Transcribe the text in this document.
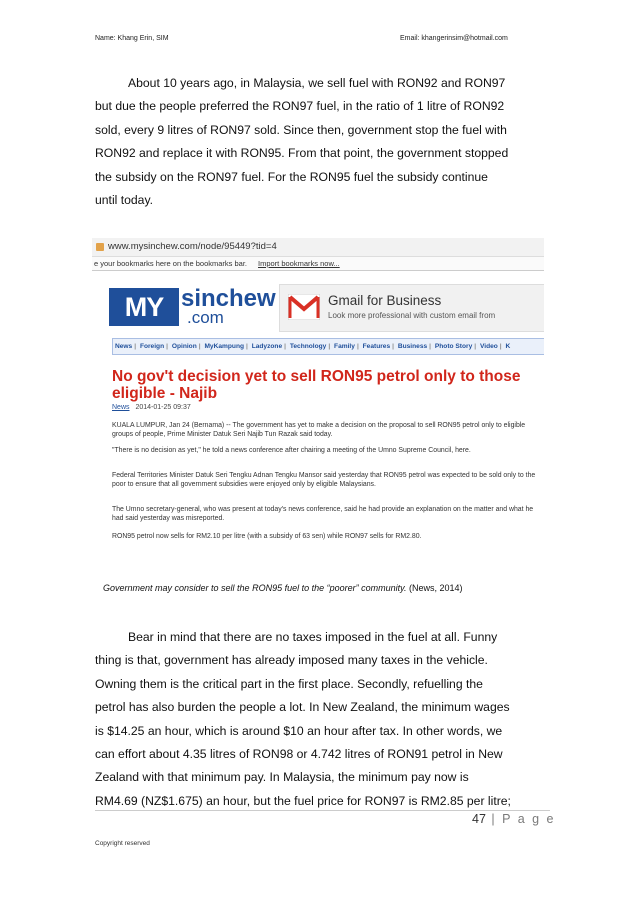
Name: Khang Erin, SIM	Email: khangerinsim@hotmail.com

About 10 years ago, in Malaysia, we sell fuel with RON92 and RON97

but due the people preferred the RON97 fuel, in the ratio of 1 litre of RON92

sold, every 9 litres of RON97 sold. Since then, government stop the fuel with

RON92 and replace it with RON95. From that point, the government stopped

the subsidy on the RON97 fuel. For the RON95 fuel the subsidy continue

until today.

www.mysinchew.com/node/95449?tid=4
e your bookmarks here on the bookmarks bar. Import bookmarks now...
MY sinchew
.com
Gmail for Business
Look more professional with custom email from
News | Foreign | Opinion | MyKampung | Ladyzone | Technology | Family | Features | Business | Photo Story | Video | K
No gov't decision yet to sell RON95 petrol only to those
eligible - Najib
News 2014-01-25 09:37
KUALA LUMPUR, Jan 24 (Bernama) -- The government has yet to make a decision on the proposal to sell RON95 petrol only to eligible groups of people, Prime Minister Datuk Seri Najib Tun Razak said today.
"There is no decision as yet," he told a news conference after chairing a meeting of the Umno Supreme Council, here.
Federal Territories Minister Datuk Seri Tengku Adnan Tengku Mansor said yesterday that RON95 petrol was expected to be sold only to the poor to ensure that all government subsidies were enjoyed only by eligible Malaysians.
The Umno secretary-general, who was present at today's news conference, said he had provide an explanation on the matter and what he had said yesterday was misreported.
RON95 petrol now sells for RM2.10 per litre (with a subsidy of 63 sen) while RON97 sells for RM2.80.
Government may consider to sell the RON95 fuel to the “poorer” community. (News, 2014)

Bear in mind that there are no taxes imposed in the fuel at all. Funny

thing is that, government has already imposed many taxes in the vehicle.

Owning them is the critical part in the first place. Secondly, refuelling the

petrol has also burden the people a lot. In New Zealand, the minimum wages

is $14.25 an hour, which is around $10 an hour after tax. In other words, we

can effort about 4.35 litres of RON98 or 4.742 litres of RON91 petrol in New

Zealand with that minimum pay. In Malaysia, the minimum pay now is

RM4.69 (NZ$1.675) an hour, but the fuel price for RON97 is RM2.85 per litre;

47 | P a g e
Copyright reserved
